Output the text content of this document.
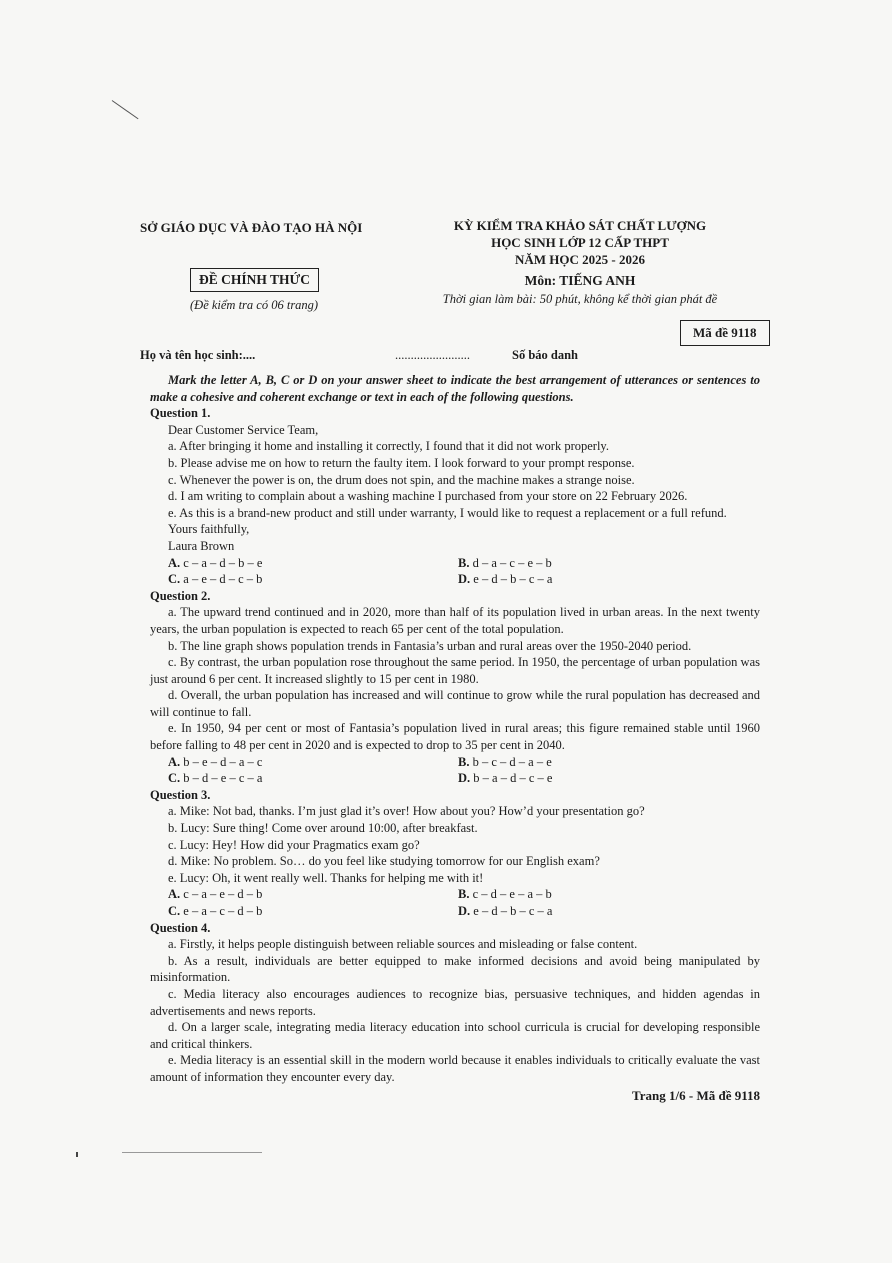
SỞ GIÁO DỤC VÀ ĐÀO TẠO HÀ NỘI
ĐỀ CHÍNH THỨC
(Đề kiểm tra có 06 trang)
KỲ KIỂM TRA KHẢO SÁT CHẤT LƯỢNG
HỌC SINH LỚP 12 CẤP THPT
NĂM HỌC 2025 - 2026
Môn: TIẾNG ANH
Thời gian làm bài: 50 phút, không kể thời gian phát đề
Mã đề 9118
Họ và tên học sinh:....	........................	Số báo danh
Mark the letter A, B, C or D on your answer sheet to indicate the best arrangement of utterances or sentences to make a cohesive and coherent exchange or text in each of the following questions.
Question 1.
Dear Customer Service Team,
a. After bringing it home and installing it correctly, I found that it did not work properly.
b. Please advise me on how to return the faulty item. I look forward to your prompt response.
c. Whenever the power is on, the drum does not spin, and the machine makes a strange noise.
d. I am writing to complain about a washing machine I purchased from your store on 22 February 2026.
e. As this is a brand-new product and still under warranty, I would like to request a replacement or a full refund.
Yours faithfully,
Laura Brown
A. c – a – d – b – e	B. d – a – c – e – b
C. a – e – d – c – b	D. e – d – b – c – a
Question 2.
a. The upward trend continued and in 2020, more than half of its population lived in urban areas. In the next twenty years, the urban population is expected to reach 65 per cent of the total population.
b. The line graph shows population trends in Fantasia’s urban and rural areas over the 1950-2040 period.
c. By contrast, the urban population rose throughout the same period. In 1950, the percentage of urban population was just around 6 per cent. It increased slightly to 15 per cent in 1980.
d. Overall, the urban population has increased and will continue to grow while the rural population has decreased and will continue to fall.
e. In 1950, 94 per cent or most of Fantasia’s population lived in rural areas; this figure remained stable until 1960 before falling to 48 per cent in 2020 and is expected to drop to 35 per cent in 2040.
A. b – e – d – a – c	B. b – c – d – a – e
C. b – d – e – c – a	D. b – a – d – c – e
Question 3.
a. Mike: Not bad, thanks. I’m just glad it’s over! How about you? How’d your presentation go?
b. Lucy: Sure thing! Come over around 10:00, after breakfast.
c. Lucy: Hey! How did your Pragmatics exam go?
d. Mike: No problem. So… do you feel like studying tomorrow for our English exam?
e. Lucy: Oh, it went really well. Thanks for helping me with it!
A. c – a – e – d – b	B. c – d – e – a – b
C. e – a – c – d – b	D. e – d – b – c – a
Question 4.
a. Firstly, it helps people distinguish between reliable sources and misleading or false content.
b. As a result, individuals are better equipped to make informed decisions and avoid being manipulated by misinformation.
c. Media literacy also encourages audiences to recognize bias, persuasive techniques, and hidden agendas in advertisements and news reports.
d. On a larger scale, integrating media literacy education into school curricula is crucial for developing responsible and critical thinkers.
e. Media literacy is an essential skill in the modern world because it enables individuals to critically evaluate the vast amount of information they encounter every day.
Trang 1/6 - Mã đề 9118
